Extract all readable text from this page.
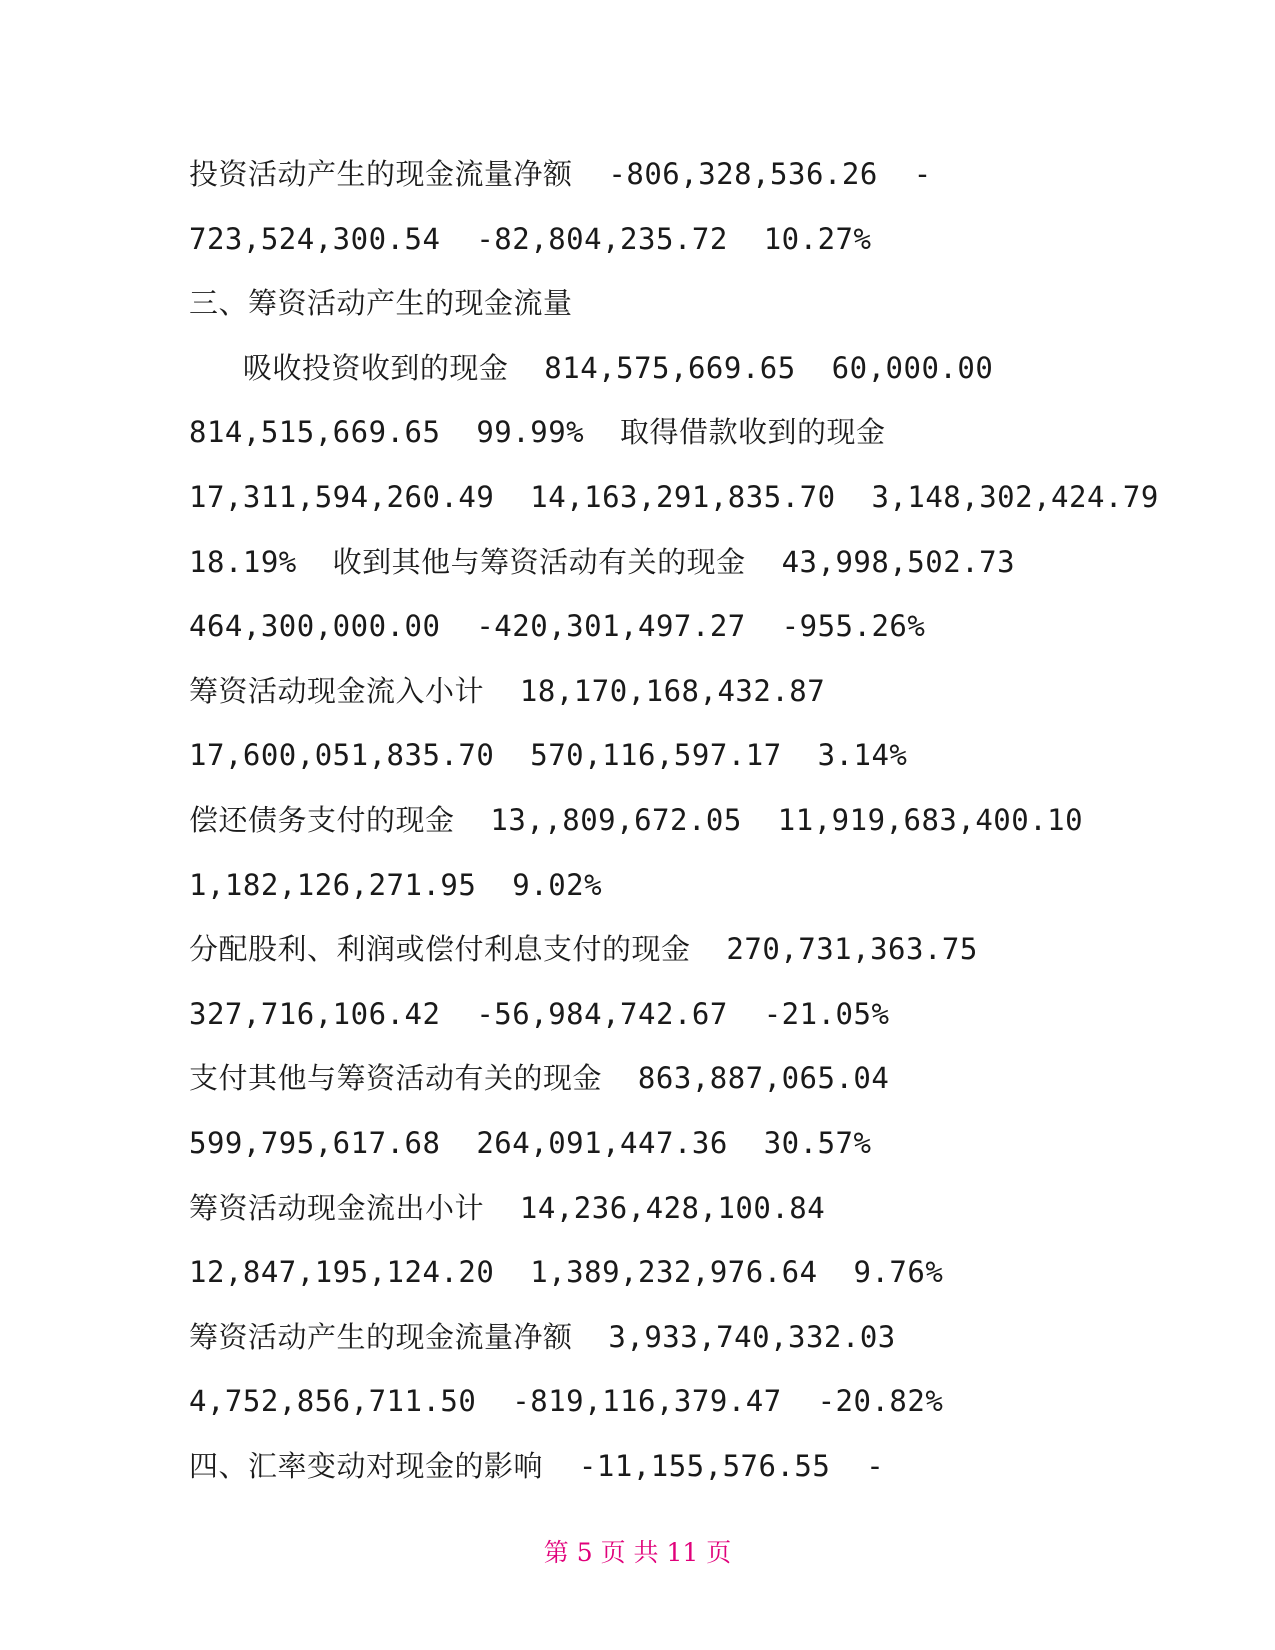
投资活动产生的现金流量净额  -806,328,536.26  -
723,524,300.54  -82,804,235.72  10.27%
三、筹资活动产生的现金流量
吸收投资收到的现金  814,575,669.65  60,000.00
814,515,669.65  99.99%  取得借款收到的现金
17,311,594,260.49  14,163,291,835.70  3,148,302,424.79
18.19%  收到其他与筹资活动有关的现金  43,998,502.73
464,300,000.00  -420,301,497.27  -955.26%
筹资活动现金流入小计  18,170,168,432.87
17,600,051,835.70  570,116,597.17  3.14%
偿还债务支付的现金  13,,809,672.05  11,919,683,400.10
1,182,126,271.95  9.02%
分配股利、利润或偿付利息支付的现金  270,731,363.75
327,716,106.42  -56,984,742.67  -21.05%
支付其他与筹资活动有关的现金  863,887,065.04
599,795,617.68  264,091,447.36  30.57%
筹资活动现金流出小计  14,236,428,100.84
12,847,195,124.20  1,389,232,976.64  9.76%
筹资活动产生的现金流量净额  3,933,740,332.03
4,752,856,711.50  -819,116,379.47  -20.82%
四、汇率变动对现金的影响  -11,155,576.55  -
第 5 页 共 11 页
